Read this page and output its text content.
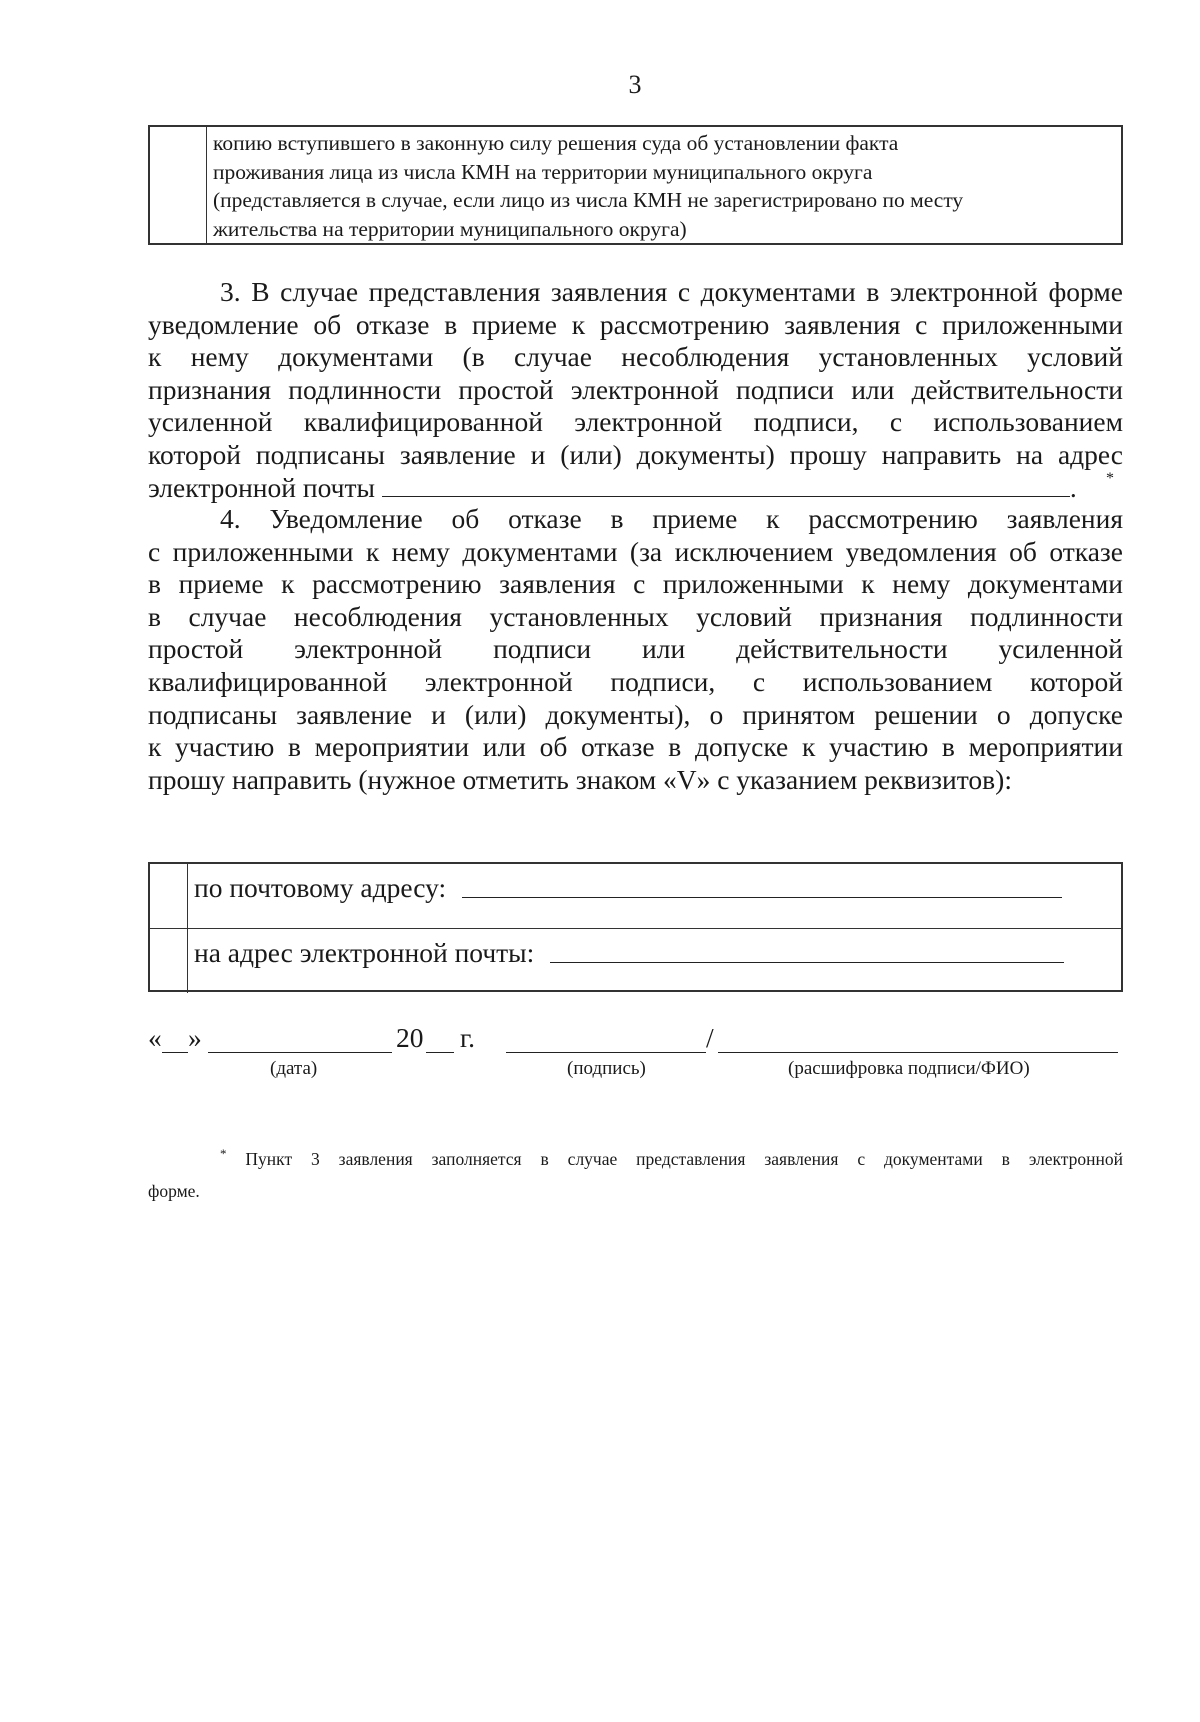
3
копию вступившего в законную силу решения суда об установлении факта
проживания лица из числа КМН на территории муниципального округа
(представляется в случае, если лицо из числа КМН не зарегистрировано по месту
жительства на территории муниципального округа)
3. В случае представления заявления с документами в электронной форме
уведомление об отказе в приеме к рассмотрению заявления с приложенными
к нему документами (в случае несоблюдения установленных условий
признания подлинности простой электронной подписи или действительности
усиленной квалифицированной электронной подписи, с использованием
которой подписаны заявление и (или) документы) прошу направить на адрес
электронной почты	.	*
4. Уведомление об отказе в приеме к рассмотрению заявления
с приложенными к нему документами (за исключением уведомления об отказе
в приеме к рассмотрению заявления с приложенными к нему документами
в случае несоблюдения установленных условий признания подлинности
простой электронной подписи или действительности усиленной
квалифицированной электронной подписи, с использованием которой
подписаны заявление и (или) документы), о принятом решении о допуске
к участию в мероприятии или об отказе в допуске к участию в мероприятии
прошу направить (нужное отметить знаком «V» с указанием реквизитов):
по почтовому адресу:
на адрес электронной почты:
« »	20 г.	/
(дата)	(подпись)	(расшифровка подписи/ФИО)
* Пункт 3 заявления заполняется в случае представления заявления с документами в электронной
форме.
